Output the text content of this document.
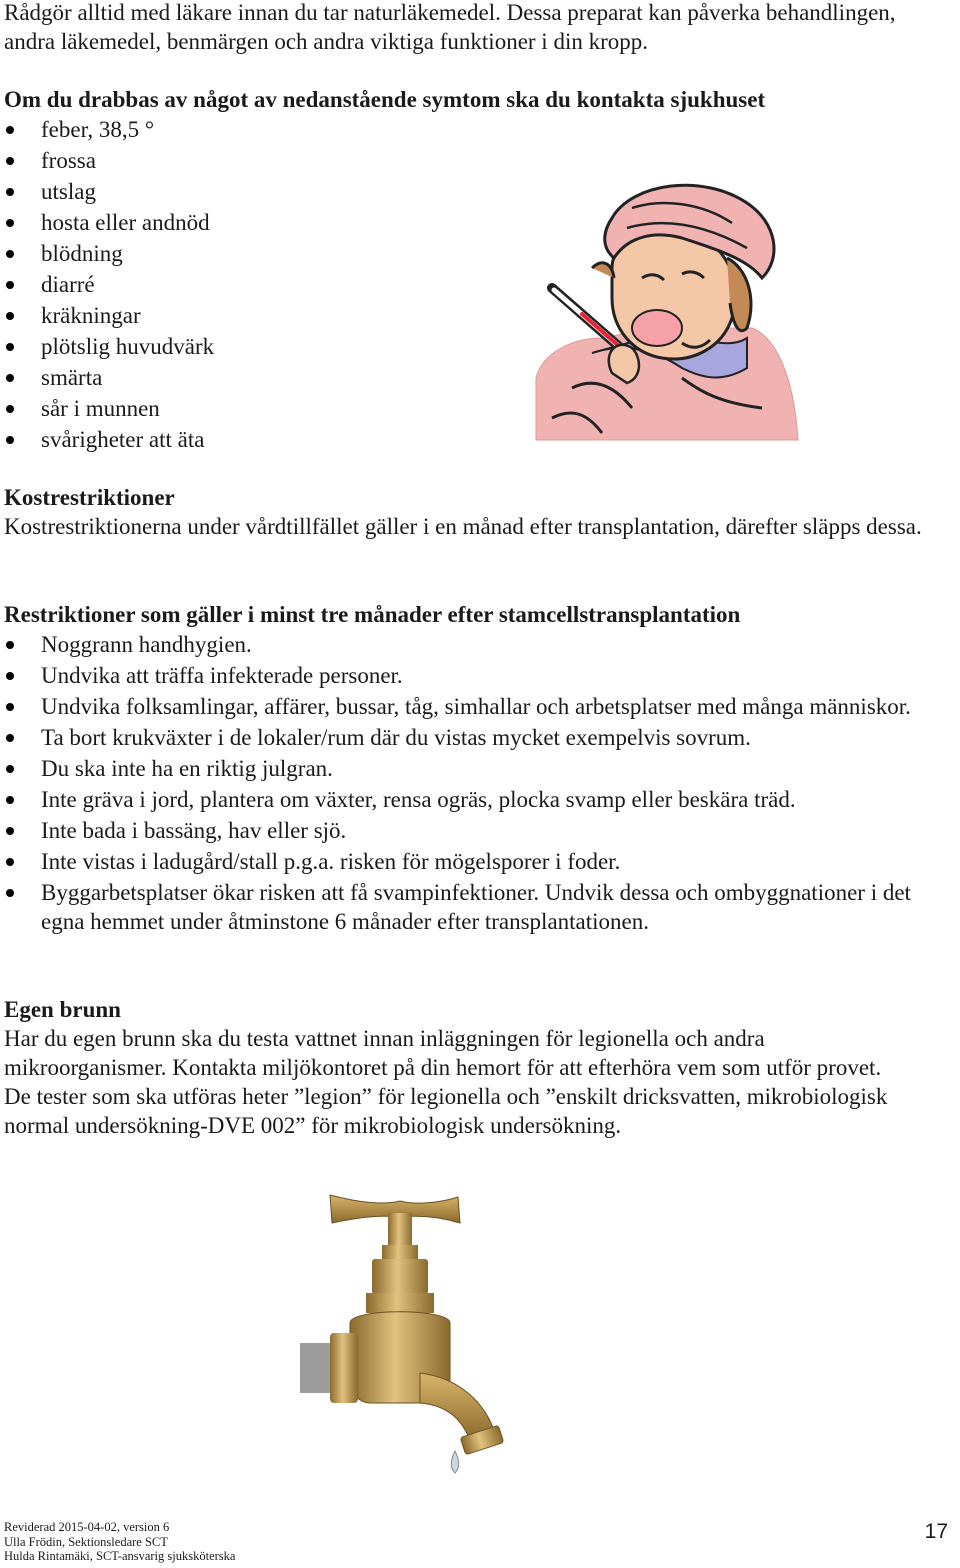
Rådgör alltid med läkare innan du tar naturläkemedel. Dessa preparat kan påverka behandlingen, andra läkemedel, benmärgen och andra viktiga funktioner i din kropp.

Om du drabbas av något av nedanstående symtom ska du kontakta sjukhuset

feber, 38,5 °
frossa
utslag
hosta eller andnöd
blödning
diarré
kräkningar
plötslig huvudvärk
smärta
sår i munnen
svårigheter att äta

Kostrestriktioner

Kostrestriktionerna under vårdtillfället gäller i en månad efter transplantation, därefter släpps dessa.

Restriktioner som gäller i minst tre månader efter stamcellstransplantation

Noggrann handhygien.
Undvika att träffa infekterade personer.
Undvika folksamlingar, affärer, bussar, tåg, simhallar och arbetsplatser med många människor.
Ta bort krukväxter i de lokaler/rum där du vistas mycket exempelvis sovrum.
Du ska inte ha en riktig julgran.
Inte gräva i jord, plantera om växter, rensa ogräs, plocka svamp eller beskära träd.
Inte bada i bassäng, hav eller sjö.
Inte vistas i ladugård/stall p.g.a. risken för mögelsporer i foder.
Byggarbetsplatser ökar risken att få svampinfektioner. Undvik dessa och ombyggnationer i det egna hemmet under åtminstone 6 månader efter transplantationen.

Egen brunn

Har du egen brunn ska du testa vattnet innan inläggningen för legionella och andra mikroorganismer. Kontakta miljökontoret på din hemort för att efterhöra vem som utför provet. De tester som ska utföras heter ”legion” för legionella och ”enskilt dricksvatten, mikrobiologisk normal undersökning-DVE 002” för mikrobiologisk undersökning.

Reviderad 2015-04-02, version 6
Ulla Frödin, Sektionsledare SCT
Hulda Rintamäki, SCT-ansvarig sjuksköterska
17
